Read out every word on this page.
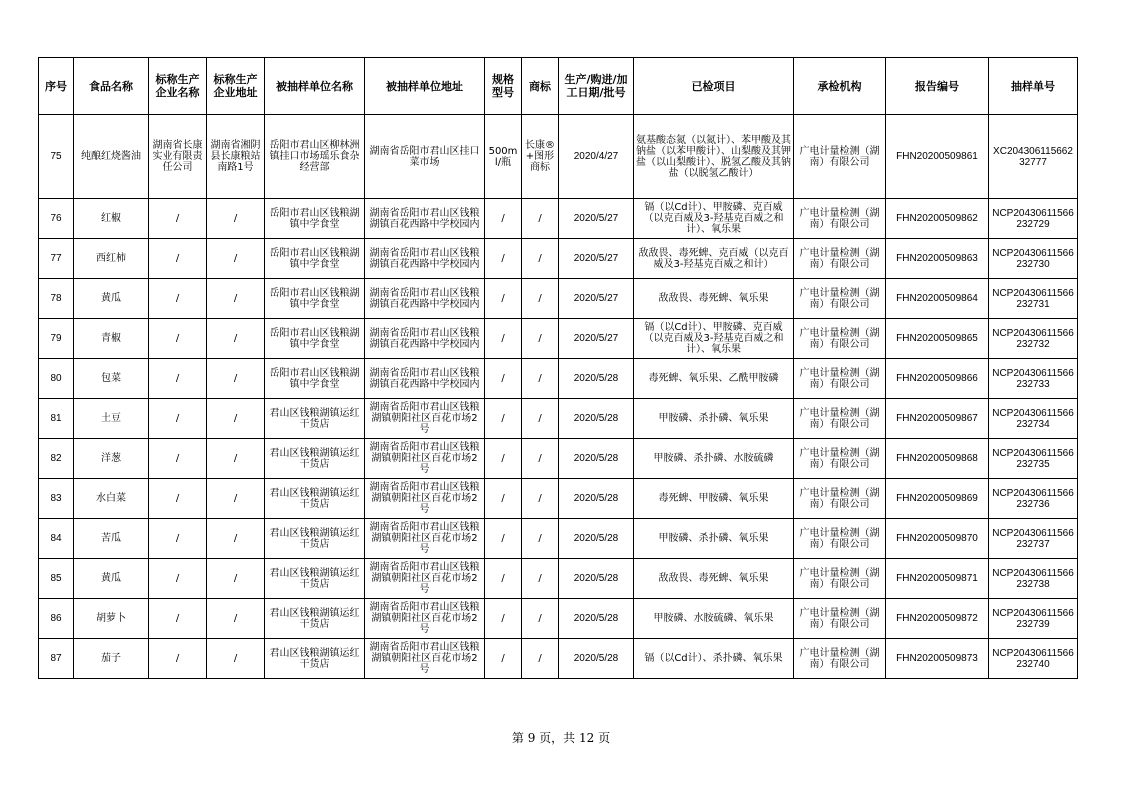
序号	食品名称	标称生产企业名称	标称生产企业地址	被抽样单位名称	被抽样单位地址	规格型号	商标	生产/购进/加工日期/批号	已检项目	承检机构	报告编号	抽样单号
75	纯酿红烧酱油	湖南省长康实业有限责任公司	湖南省湘阴县长康粮站南路1号	岳阳市君山区柳林洲镇挂口市场瑶乐食杂经营部	湖南省岳阳市君山区挂口菜市场	500ml/瓶	长康®+图形商标	2020/4/27	氨基酸态氮（以氮计）、苯甲酸及其钠盐（以苯甲酸计）、山梨酸及其钾盐（以山梨酸计）、脱氢乙酸及其钠盐（以脱氢乙酸计）	广电计量检测（湖南）有限公司	FHN20200509861	XC20430611566232777
76	红椒	/	/	岳阳市君山区钱粮湖镇中学食堂	湖南省岳阳市君山区钱粮湖镇百花西路中学校园内	/	/	2020/5/27	镉（以Cd计）、甲胺磷、克百威（以克百威及3-羟基克百威之和计）、氧乐果	广电计量检测（湖南）有限公司	FHN20200509862	NCP20430611566232729
77	西红柿	/	/	岳阳市君山区钱粮湖镇中学食堂	湖南省岳阳市君山区钱粮湖镇百花西路中学校园内	/	/	2020/5/27	敌敌畏、毒死蜱、克百威（以克百威及3-羟基克百威之和计）	广电计量检测（湖南）有限公司	FHN20200509863	NCP20430611566232730
78	黄瓜	/	/	岳阳市君山区钱粮湖镇中学食堂	湖南省岳阳市君山区钱粮湖镇百花西路中学校园内	/	/	2020/5/27	敌敌畏、毒死蜱、氧乐果	广电计量检测（湖南）有限公司	FHN20200509864	NCP20430611566232731
79	青椒	/	/	岳阳市君山区钱粮湖镇中学食堂	湖南省岳阳市君山区钱粮湖镇百花西路中学校园内	/	/	2020/5/27	镉（以Cd计）、甲胺磷、克百威（以克百威及3-羟基克百威之和计）、氧乐果	广电计量检测（湖南）有限公司	FHN20200509865	NCP20430611566232732
80	包菜	/	/	岳阳市君山区钱粮湖镇中学食堂	湖南省岳阳市君山区钱粮湖镇百花西路中学校园内	/	/	2020/5/28	毒死蜱、氧乐果、乙酰甲胺磷	广电计量检测（湖南）有限公司	FHN20200509866	NCP20430611566232733
81	土豆	/	/	君山区钱粮湖镇运红干货店	湖南省岳阳市君山区钱粮湖镇朝阳社区百花市场2号	/	/	2020/5/28	甲胺磷、杀扑磷、氧乐果	广电计量检测（湖南）有限公司	FHN20200509867	NCP20430611566232734
82	洋葱	/	/	君山区钱粮湖镇运红干货店	湖南省岳阳市君山区钱粮湖镇朝阳社区百花市场2号	/	/	2020/5/28	甲胺磷、杀扑磷、水胺硫磷	广电计量检测（湖南）有限公司	FHN20200509868	NCP20430611566232735
83	水白菜	/	/	君山区钱粮湖镇运红干货店	湖南省岳阳市君山区钱粮湖镇朝阳社区百花市场2号	/	/	2020/5/28	毒死蜱、甲胺磷、氧乐果	广电计量检测（湖南）有限公司	FHN20200509869	NCP20430611566232736
84	苦瓜	/	/	君山区钱粮湖镇运红干货店	湖南省岳阳市君山区钱粮湖镇朝阳社区百花市场2号	/	/	2020/5/28	甲胺磷、杀扑磷、氧乐果	广电计量检测（湖南）有限公司	FHN20200509870	NCP20430611566232737
85	黄瓜	/	/	君山区钱粮湖镇运红干货店	湖南省岳阳市君山区钱粮湖镇朝阳社区百花市场2号	/	/	2020/5/28	敌敌畏、毒死蜱、氧乐果	广电计量检测（湖南）有限公司	FHN20200509871	NCP20430611566232738
86	胡萝卜	/	/	君山区钱粮湖镇运红干货店	湖南省岳阳市君山区钱粮湖镇朝阳社区百花市场2号	/	/	2020/5/28	甲胺磷、水胺硫磷、氧乐果	广电计量检测（湖南）有限公司	FHN20200509872	NCP20430611566232739
87	茄子	/	/	君山区钱粮湖镇运红干货店	湖南省岳阳市君山区钱粮湖镇朝阳社区百花市场2号	/	/	2020/5/28	镉（以Cd计）、杀扑磷、氧乐果	广电计量检测（湖南）有限公司	FHN20200509873	NCP20430611566232740
第 9 页，共 12 页
